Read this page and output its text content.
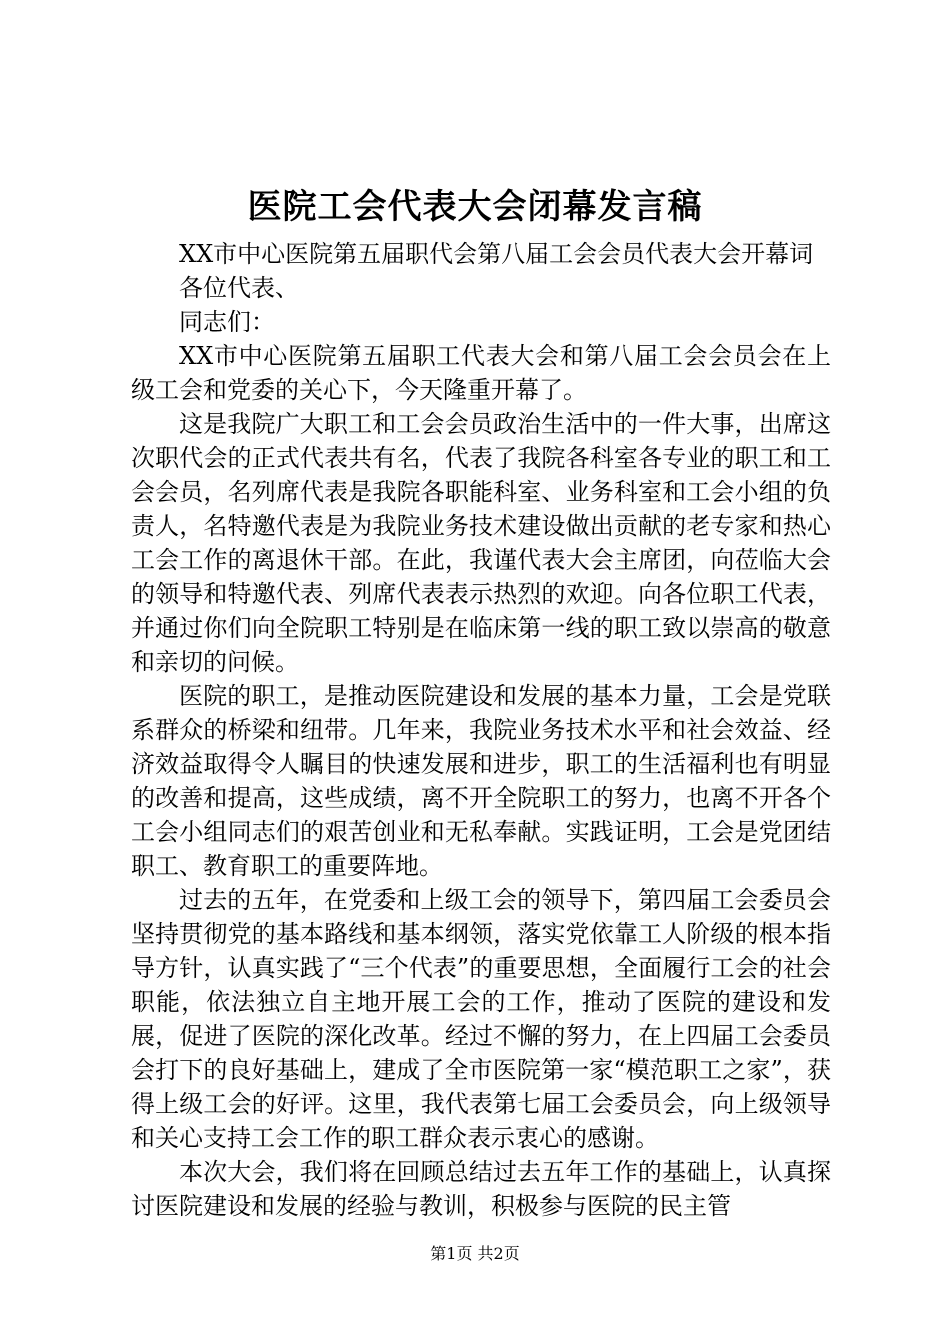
医院工会代表大会闭幕发言稿

XX市中心医院第五届职代会第八届工会会员代表大会开幕词

各位代表、

同志们：

XX市中心医院第五届职工代表大会和第八届工会会员会在上级工会和党委的关心下，今天隆重开幕了。

这是我院广大职工和工会会员政治生活中的一件大事，出席这次职代会的正式代表共有名，代表了我院各科室各专业的职工和工会会员，名列席代表是我院各职能科室、业务科室和工会小组的负责人，名特邀代表是为我院业务技术建设做出贡献的老专家和热心工会工作的离退休干部。在此，我谨代表大会主席团，向莅临大会的领导和特邀代表、列席代表表示热烈的欢迎。向各位职工代表，并通过你们向全院职工特别是在临床第一线的职工致以崇高的敬意和亲切的问候。

医院的职工，是推动医院建设和发展的基本力量，工会是党联系群众的桥梁和纽带。几年来，我院业务技术水平和社会效益、经济效益取得令人瞩目的快速发展和进步，职工的生活福利也有明显的改善和提高，这些成绩，离不开全院职工的努力，也离不开各个工会小组同志们的艰苦创业和无私奉献。实践证明，工会是党团结职工、教育职工的重要阵地。

过去的五年，在党委和上级工会的领导下，第四届工会委员会坚持贯彻党的基本路线和基本纲领，落实党依靠工人阶级的根本指导方针，认真实践了“三个代表”的重要思想，全面履行工会的社会职能，依法独立自主地开展工会的工作，推动了医院的建设和发展，促进了医院的深化改革。经过不懈的努力，在上四届工会委员会打下的良好基础上，建成了全市医院第一家“模范职工之家”，获得上级工会的好评。这里，我代表第七届工会委员会，向上级领导和关心支持工会工作的职工群众表示衷心的感谢。

本次大会，我们将在回顾总结过去五年工作的基础上，认真探讨医院建设和发展的经验与教训，积极参与医院的民主管

第1页 共2页
